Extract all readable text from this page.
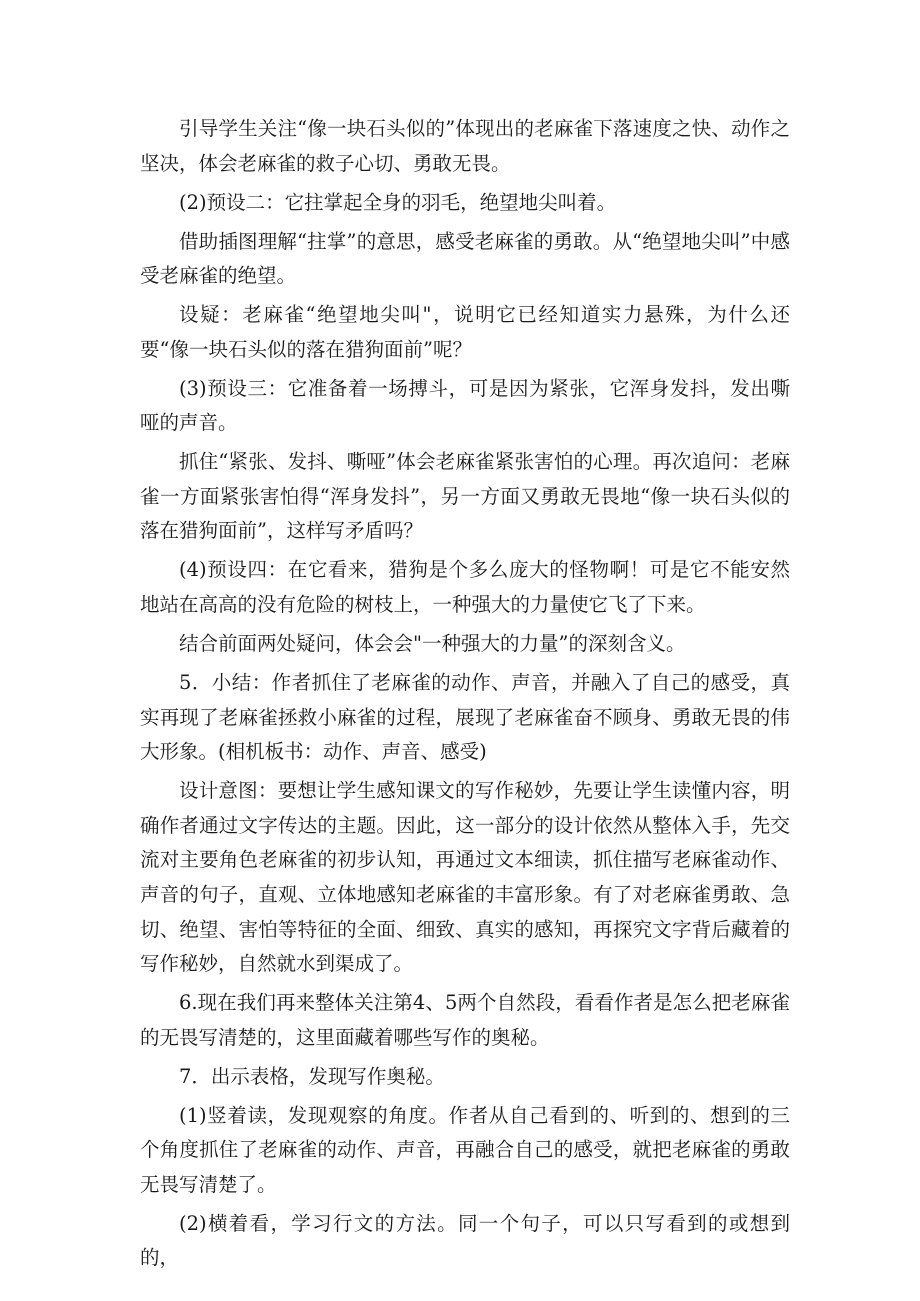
引导学生关注“像一块石头似的”体现出的老麻雀下落速度之快、动作之坚决，体会老麻雀的救子心切、勇敢无畏。

(2)预设二：它拄掌起全身的羽毛，绝望地尖叫着。

借助插图理解“拄掌”的意思，感受老麻雀的勇敢。从“绝望地尖叫”中感受老麻雀的绝望。

设疑：老麻雀“绝望地尖叫"，说明它已经知道实力悬殊，为什么还要“像一块石头似的落在猎狗面前”呢？

(3)预设三：它准备着一场搏斗，可是因为紧张，它浑身发抖，发出嘶哑的声音。

抓住“紧张、发抖、嘶哑”体会老麻雀紧张害怕的心理。再次追问：老麻雀一方面紧张害怕得“浑身发抖”，另一方面又勇敢无畏地“像一块石头似的落在猎狗面前”，这样写矛盾吗？

(4)预设四：在它看来，猎狗是个多么庞大的怪物啊！可是它不能安然地站在高高的没有危险的树枝上，一种强大的力量使它飞了下来。

结合前面两处疑问，体会会"一种强大的力量”的深刻含义。

5．小结：作者抓住了老麻雀的动作、声音，并融入了自己的感受，真实再现了老麻雀拯救小麻雀的过程，展现了老麻雀奋不顾身、勇敢无畏的伟大形象。(相机板书：动作、声音、感受)

设计意图：要想让学生感知课文的写作秘妙，先要让学生读懂内容，明确作者通过文字传达的主题。因此，这一部分的设计依然从整体入手，先交流对主要角色老麻雀的初步认知，再通过文本细读，抓住描写老麻雀动作、声音的句子，直观、立体地感知老麻雀的丰富形象。有了对老麻雀勇敢、急切、绝望、害怕等特征的全面、细致、真实的感知，再探究文字背后藏着的写作秘妙，自然就水到渠成了。

6.现在我们再来整体关注第4、5两个自然段，看看作者是怎么把老麻雀的无畏写清楚的，这里面藏着哪些写作的奥秘。

7．出示表格，发现写作奥秘。

(1)竖着读，发现观察的角度。作者从自己看到的、听到的、想到的三个角度抓住了老麻雀的动作、声音，再融合自己的感受，就把老麻雀的勇敢无畏写清楚了。

(2)横着看，学习行文的方法。同一个句子，可以只写看到的或想到的，
